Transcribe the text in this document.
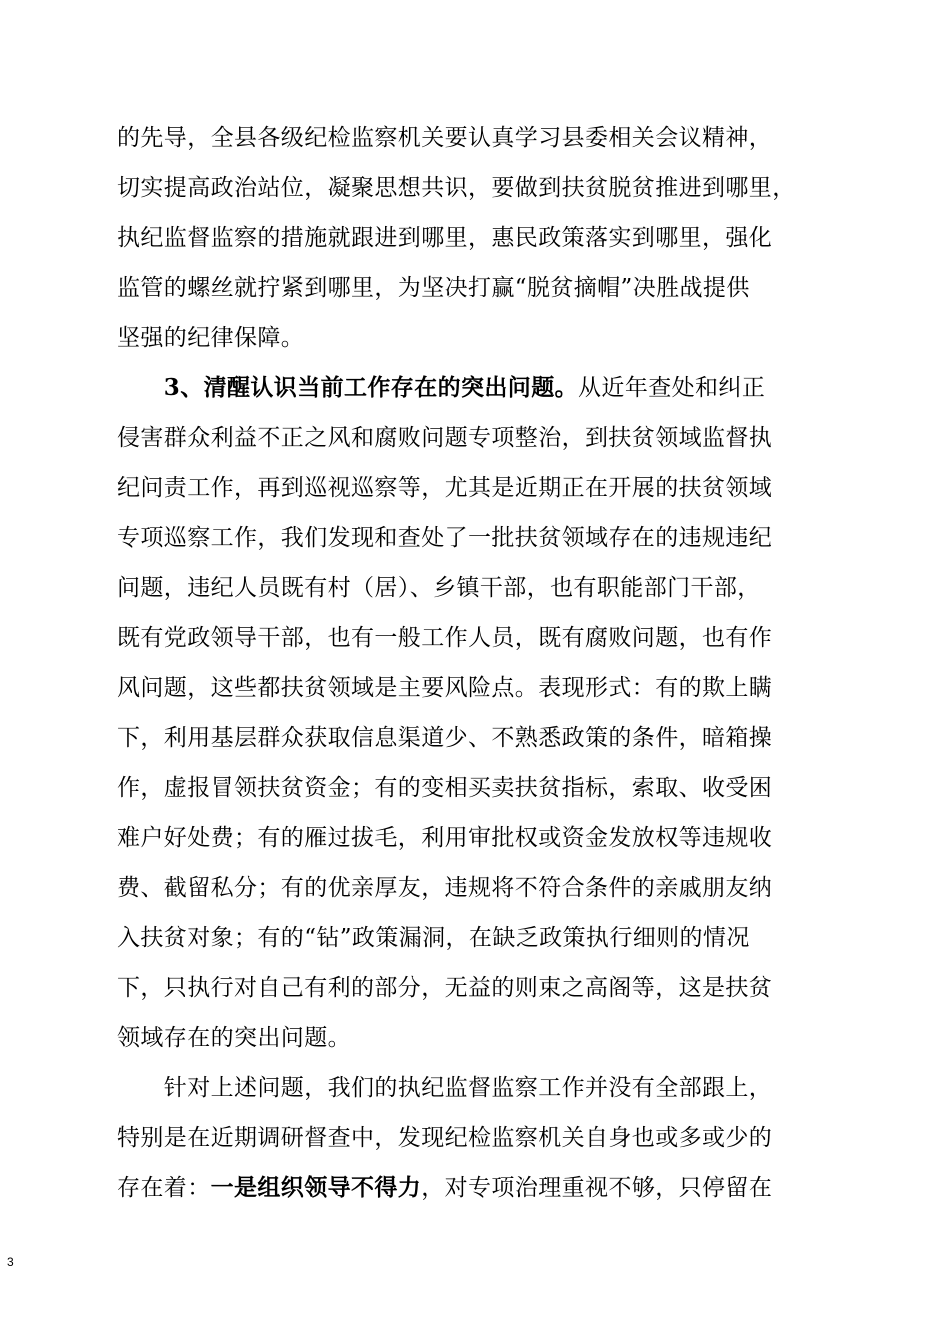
的先导，全县各级纪检监察机关要认真学习县委相关会议精神，
切实提高政治站位，凝聚思想共识，要做到扶贫脱贫推进到哪里，
执纪监督监察的措施就跟进到哪里，惠民政策落实到哪里，强化
监管的螺丝就拧紧到哪里，为坚决打赢“脱贫摘帽”决胜战提供
坚强的纪律保障。
　　3、清醒认识当前工作存在的突出问题。从近年查处和纠正
侵害群众利益不正之风和腐败问题专项整治，到扶贫领域监督执
纪问责工作，再到巡视巡察等，尤其是近期正在开展的扶贫领域
专项巡察工作，我们发现和查处了一批扶贫领域存在的违规违纪
问题，违纪人员既有村（居）、乡镇干部，也有职能部门干部，
既有党政领导干部，也有一般工作人员，既有腐败问题，也有作
风问题，这些都扶贫领域是主要风险点。表现形式：有的欺上瞒
下，利用基层群众获取信息渠道少、不熟悉政策的条件，暗箱操
作，虚报冒领扶贫资金；有的变相买卖扶贫指标，索取、收受困
难户好处费；有的雁过拔毛，利用审批权或资金发放权等违规收
费、截留私分；有的优亲厚友，违规将不符合条件的亲戚朋友纳
入扶贫对象；有的“钻”政策漏洞，在缺乏政策执行细则的情况
下，只执行对自己有利的部分，无益的则束之高阁等，这是扶贫
领域存在的突出问题。
　　针对上述问题，我们的执纪监督监察工作并没有全部跟上，
特别是在近期调研督查中，发现纪检监察机关自身也或多或少的
存在着：一是组织领导不得力，对专项治理重视不够，只停留在
3
